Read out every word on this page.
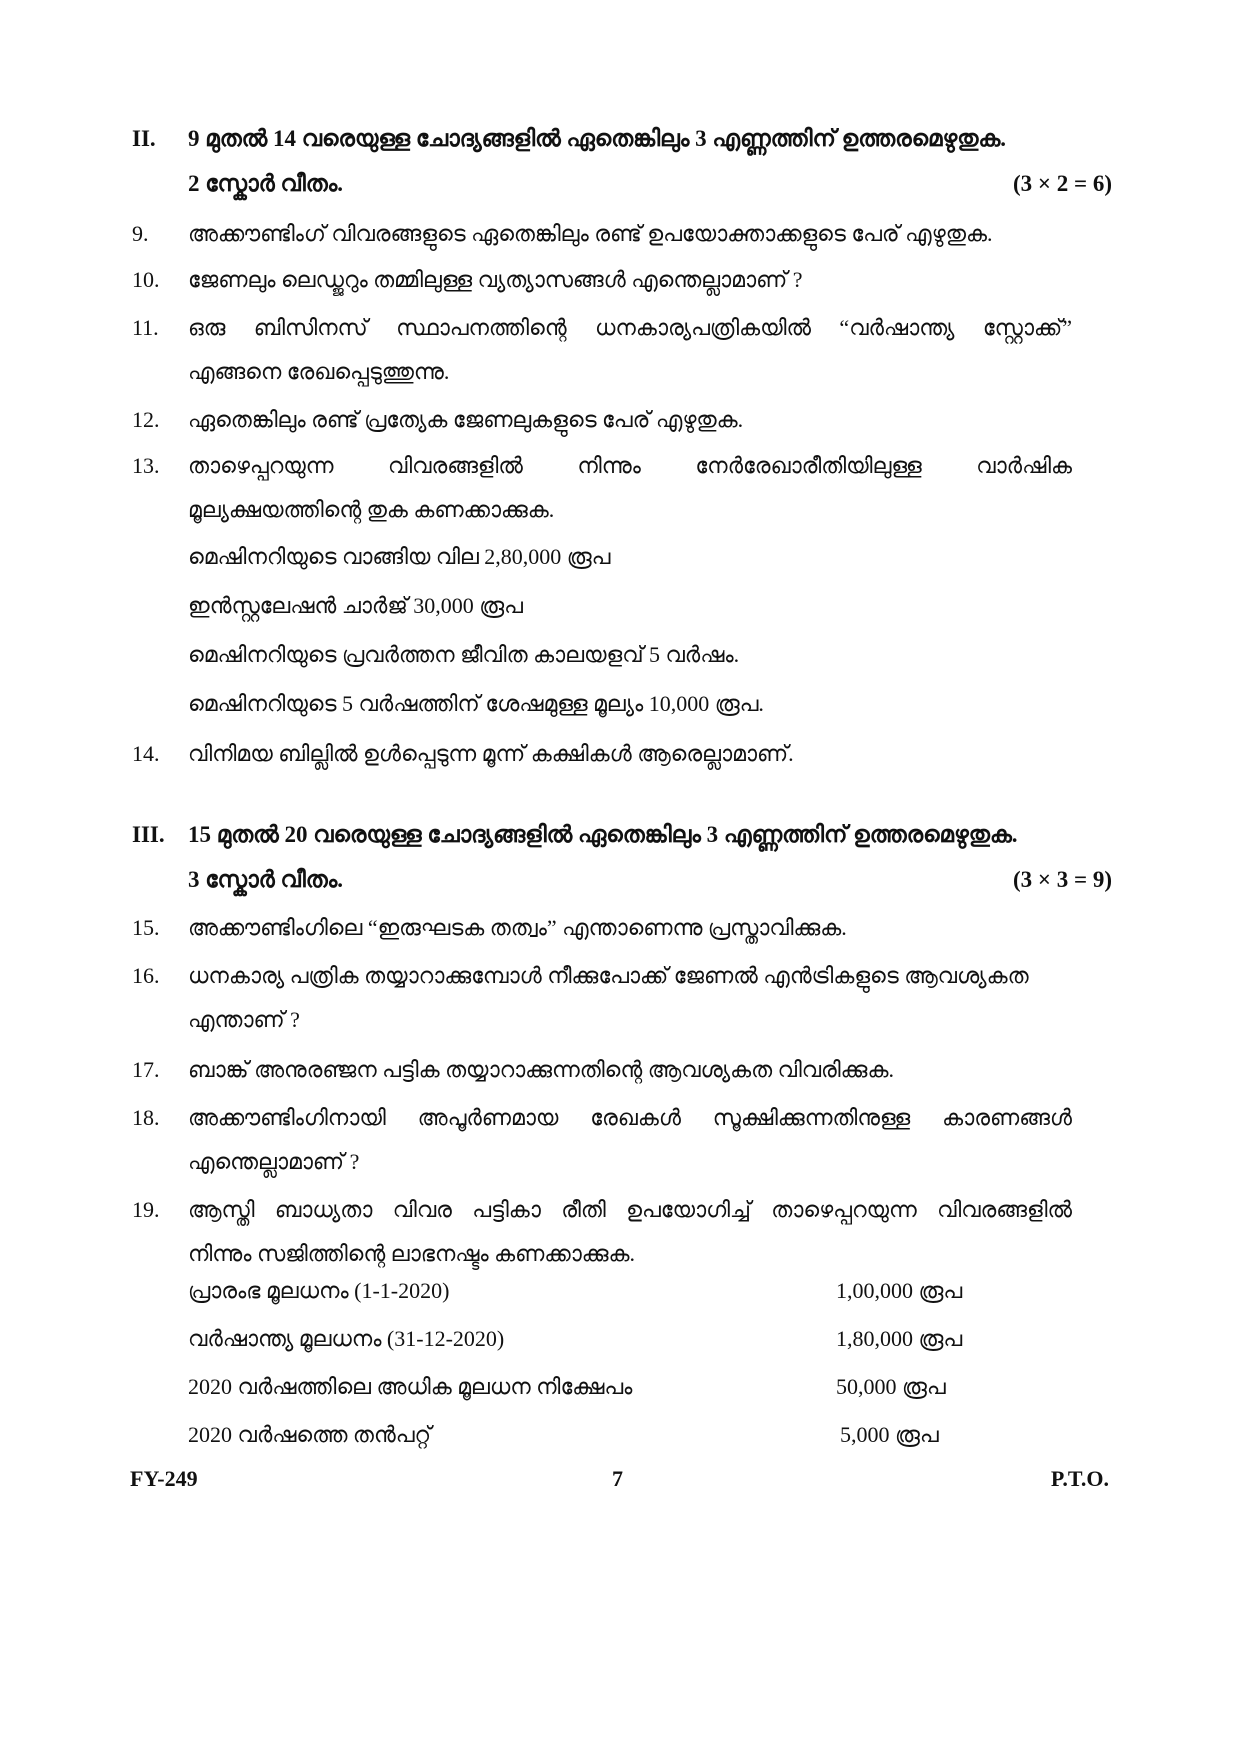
II. 9 മുതൽ 14 വരെയുള്ള ചോദ്യങ്ങളിൽ ഏതെങ്കിലും 3 എണ്ണത്തിന് ഉത്തരമെഴുതുക.
2 സ്കോർ വീതം.	(3 × 2 = 6)
9. അക്കൗണ്ടിംഗ് വിവരങ്ങളുടെ ഏതെങ്കിലും രണ്ട് ഉപയോക്താക്കളുടെ പേര് എഴുതുക.
10. ജേണലും ലെഡ്ജറും തമ്മിലുള്ള വ്യത്യാസങ്ങൾ എന്തെല്ലാമാണ് ?
11. ഒരു ബിസിനസ് സ്ഥാപനത്തിന്റെ ധനകാര്യപത്രികയിൽ “വർഷാന്ത്യ സ്റ്റോക്ക്”
എങ്ങനെ രേഖപ്പെടുത്തുന്നു.
12. ഏതെങ്കിലും രണ്ട് പ്രത്യേക ജേണലുകളുടെ പേര് എഴുതുക.
13. താഴെപ്പറയുന്ന വിവരങ്ങളിൽ നിന്നും നേർരേഖാരീതിയിലുള്ള വാർഷിക
മൂല്യക്ഷയത്തിന്റെ തുക കണക്കാക്കുക.
മെഷിനറിയുടെ വാങ്ങിയ വില 2,80,000 രൂപ
ഇൻസ്റ്റലേഷൻ ചാർജ് 30,000 രൂപ
മെഷിനറിയുടെ പ്രവർത്തന ജീവിത കാലയളവ് 5 വർഷം.
മെഷിനറിയുടെ 5 വർഷത്തിന് ശേഷമുള്ള മൂല്യം 10,000 രൂപ.
14. വിനിമയ ബില്ലിൽ ഉൾപ്പെടുന്ന മൂന്ന് കക്ഷികൾ ആരെല്ലാമാണ്.
III. 15 മുതൽ 20 വരെയുള്ള ചോദ്യങ്ങളിൽ ഏതെങ്കിലും 3 എണ്ണത്തിന് ഉത്തരമെഴുതുക.
3 സ്കോർ വീതം.	(3 × 3 = 9)
15. അക്കൗണ്ടിംഗിലെ “ഇരുഘടക തത്വം” എന്താണെന്നു പ്രസ്താവിക്കുക.
16. ധനകാര്യ പത്രിക തയ്യാറാക്കുമ്പോൾ നീക്കുപോക്ക് ജേണൽ എൻട്രികളുടെ ആവശ്യകത
എന്താണ് ?
17. ബാങ്ക് അനുരഞ്ജന പട്ടിക തയ്യാറാക്കുന്നതിന്റെ ആവശ്യകത വിവരിക്കുക.
18. അക്കൗണ്ടിംഗിനായി അപൂർണമായ രേഖകൾ സൂക്ഷിക്കുന്നതിനുള്ള കാരണങ്ങൾ
എന്തെല്ലാമാണ് ?
19. ആസ്തി ബാധ്യതാ വിവര പട്ടികാ രീതി ഉപയോഗിച്ച് താഴെപ്പറയുന്ന വിവരങ്ങളിൽ
നിന്നും സജിത്തിന്റെ ലാഭനഷ്ടം കണക്കാക്കുക.
പ്രാരംഭ മൂലധനം (1-1-2020)	1,00,000 രൂപ
വർഷാന്ത്യ മൂലധനം (31-12-2020)	1,80,000 രൂപ
2020 വർഷത്തിലെ അധിക മൂലധന നിക്ഷേപം	50,000 രൂപ
2020 വർഷത്തെ തൻപറ്റ്	5,000 രൂപ
FY-249	7	P.T.O.
